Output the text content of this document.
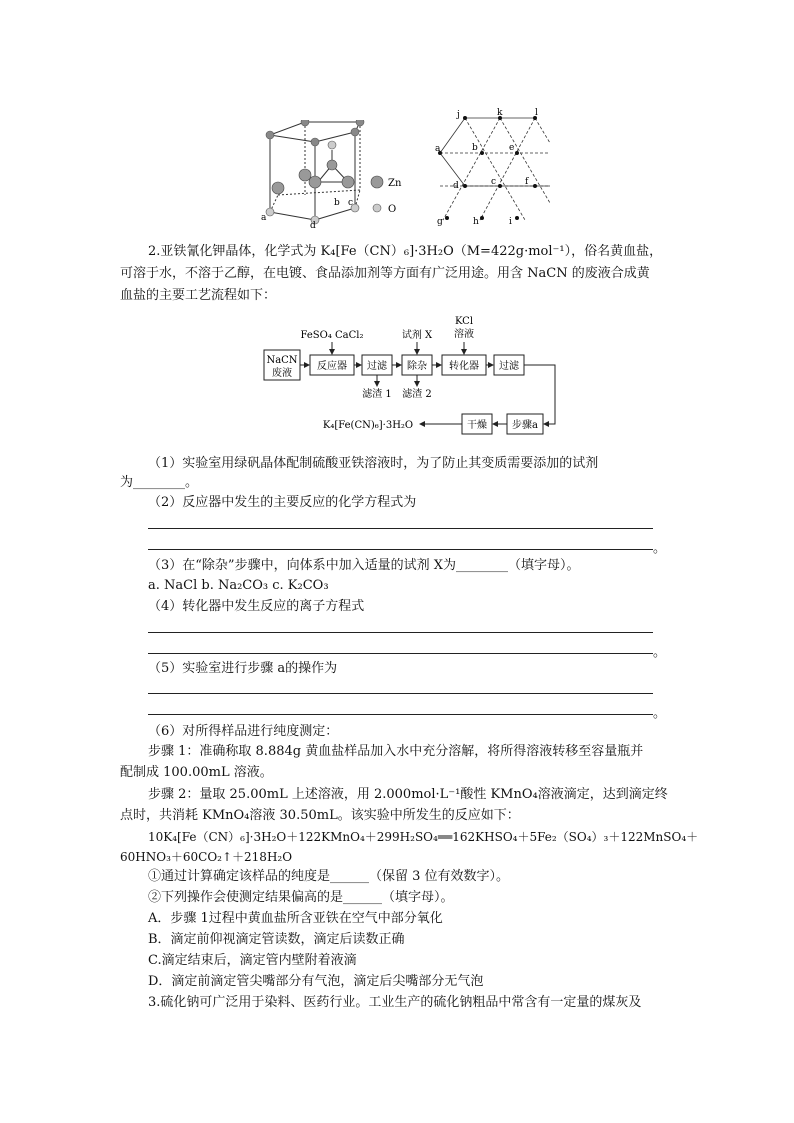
Zn
O
a
b c
d
j	k	l
a	b	e
d	c	f
g	h	i
2.亚铁氰化钾晶体，化学式为 K₄[Fe（CN）₆]·3H₂O（M=422g·mol⁻¹），俗名黄血盐，
可溶于水，不溶于乙醇，在电镀、食品添加剂等方面有广泛用途。用含 NaCN 的废液合成黄
血盐的主要工艺流程如下：
NaCN
废液
FeSO₄ CaCl₂
反应器 过滤
滤渣 1
试剂 X
除杂
滤渣 2
KCl
溶液
转化器 过滤
步骤a
干燥
K₄[Fe(CN)₆]·3H₂O
（1）实验室用绿矾晶体配制硫酸亚铁溶液时，为了防止其变质需要添加的试剂
为________。
（2）反应器中发生的主要反应的化学方程式为
。
（3）在“除杂”步骤中，向体系中加入适量的试剂 X为________（填字母）。
a. NaCl b. Na₂CO₃ c. K₂CO₃
（4）转化器中发生反应的离子方程式
。
（5）实验室进行步骤 a的操作为
。
（6）对所得样品进行纯度测定：
步骤 1：准确称取 8.884g 黄血盐样品加入水中充分溶解，将所得溶液转移至容量瓶并
配制成 100.00mL 溶液。
步骤 2：量取 25.00mL 上述溶液，用 2.000mol·L⁻¹酸性 KMnO₄溶液滴定，达到滴定终
点时，共消耗 KMnO₄溶液 30.50mL。该实验中所发生的反应如下：
10K₄[Fe（CN）₆]·3H₂O＋122KMnO₄＋299H₂SO₄══162KHSO₄＋5Fe₂（SO₄）₃＋122MnSO₄＋
60HNO₃＋60CO₂↑＋218H₂O
①通过计算确定该样品的纯度是______（保留 3 位有效数字）。
②下列操作会使测定结果偏高的是______（填字母）。
A．步骤 1过程中黄血盐所含亚铁在空气中部分氧化
B．滴定前仰视滴定管读数，滴定后读数正确
C.滴定结束后，滴定管内壁附着液滴
D．滴定前滴定管尖嘴部分有气泡，滴定后尖嘴部分无气泡
3.硫化钠可广泛用于染料、医药行业。工业生产的硫化钠粗品中常含有一定量的煤灰及
